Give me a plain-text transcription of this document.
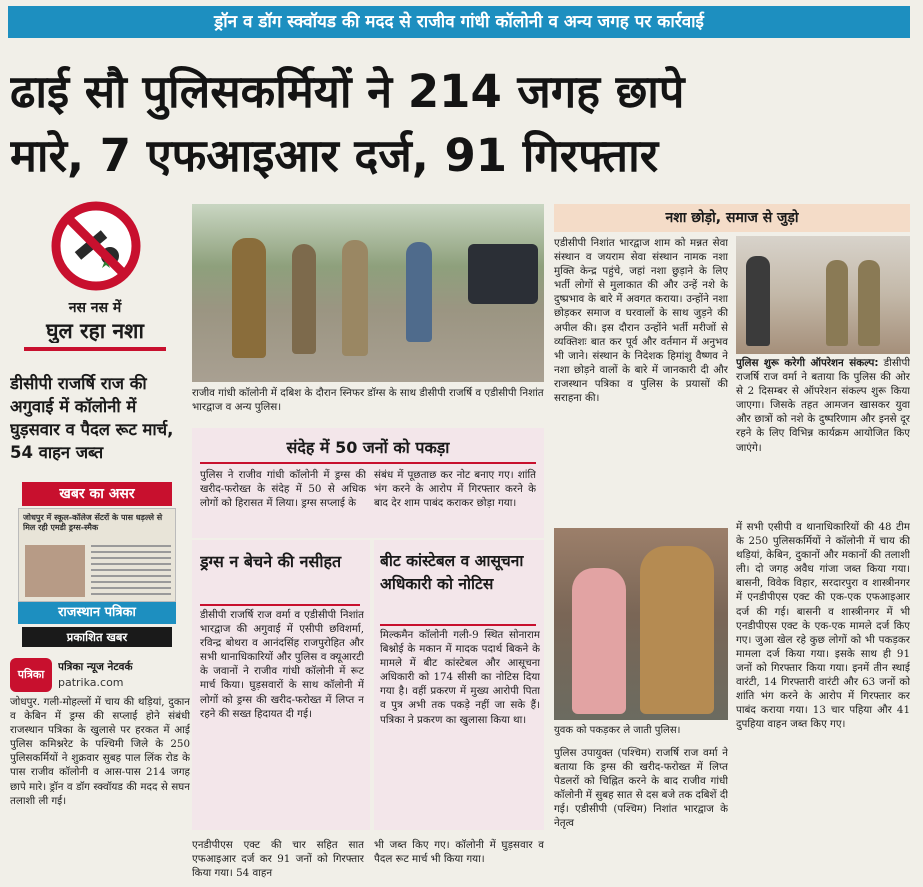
ड्रॉन व डॉग स्क्वॉयड की मदद से राजीव गांधी कॉलोनी व अन्य जगह पर कार्रवाई
ढाई सौ पुलिसकर्मियों ने 214 जगह छापे
मारे, 7 एफआइआर दर्ज, 91 गिरफ्तार
नस नस में
घुल रहा नशा
डीसीपी राजर्षि राज की अगुवाई में कॉलोनी में घुड़सवार व पैदल रूट मार्च, 54 वाहन जब्त
खबर का असर
जोधपुर में स्कूल-कॉलेज सेंटरों के पास धड़ल्ले से मिल रही एमडी ड्रग्स-स्मैक
राजस्थान पत्रिका
प्रकाशित खबर
पत्रिका
पत्रिका न्यूज नेटवर्क
patrika.com
जोधपुर. गली-मोहल्लों में चाय की थड़ियां, दुकान व केबिन में ड्रग्स की सप्लाई होने संबंधी राजस्थान पत्रिका के खुलासे पर हरकत में आई पुलिस कमिश्नरेट के पश्चिमी जिले के 250 पुलिसकर्मियों ने शुक्रवार सुबह पाल लिंक रोड के पास राजीव कॉलोनी व आस-पास 214 जगह छापे मारे। ड्रॉन व डॉग स्क्वॉयड की मदद से सघन तलाशी ली गई।
राजीव गांधी कॉलोनी में दबिश के दौरान स्निफर डॉग्स के साथ डीसीपी राजर्षि व एडीसीपी निशांत भारद्वाज व अन्य पुलिस।
संदेह में 50 जनों को पकड़ा
पुलिस ने राजीव गांधी कॉलोनी में ड्रग्स की खरीद-फरोख्त के संदेह में 50 से अधिक लोगों को हिरासत में लिया। ड्रग्स सप्लाई के
संबंध में पूछताछ कर नोट बनाए गए। शांति भंग करने के आरोप में गिरफ्तार करने के बाद देर शाम पाबंद कराकर छोड़ा गया।
ड्रग्स न बेचने की नसीहत
डीसीपी राजर्षि राज वर्मा व एडीसीपी निशांत भारद्वाज की अगुवाई में एसीपी छविशर्मा, रविन्द्र बोथरा व आनंदसिंह राजपुरोहित और सभी थानाधिकारियों और पुलिस व क्यूआरटी के जवानों ने राजीव गांधी कॉलोनी में रूट मार्च किया। घुड़सवारों के साथ कॉलोनी में लोगों को ड्रग्स की खरीद-फरोख्त में लिप्त न रहने की सख्त हिदायत दी गई।
बीट कांस्टेबल व आसूचना अधिकारी को नोटिस
मिल्कमैन कॉलोनी गली-9 स्थित सोनाराम बिश्नोई के मकान में मादक पदार्थ बिकने के मामले में बीट कांस्टेबल और आसूचना अधिकारी को 174 सीसी का नोटिस दिया गया है। वहीं प्रकरण में मुख्य आरोपी पिता व पुत्र अभी तक पकड़े नहीं जा सके हैं। पत्रिका ने प्रकरण का खुलासा किया था।
एनडीपीएस एक्ट की चार सहित सात एफआइआर दर्ज कर 91 जनों को गिरफ्तार किया गया। 54 वाहन
भी जब्त किए गए। कॉलोनी में घुड़सवार व पैदल रूट मार्च भी किया गया।
नशा छोड़ो, समाज से जुड़ो
एडीसीपी निशांत भारद्वाज शाम को मन्नत सेवा संस्थान व जयराम सेवा संस्थान नामक नशा मुक्ति केन्द्र पहुंचे, जहां नशा छुड़ाने के लिए भर्ती लोगों से मुलाकात की और उन्हें नशे के दुष्प्रभाव के बारे में अवगत कराया। उन्होंने नशा छोड़कर समाज व घरवालों के साथ जुड़ने की अपील की। इस दौरान उन्होंने भर्ती मरीजों से व्यक्तिशः बात कर पूर्व और वर्तमान में अनुभव भी जाने। संस्थान के निदेशक हिमांशु वैष्णव ने नशा छोड़ने वालों के बारे में जानकारी दी और राजस्थान पत्रिका व पुलिस के प्रयासों की सराहना की।
पुलिस शुरू करेगी ऑपरेशन संकल्प: डीसीपी राजर्षि राज वर्मा ने बताया कि पुलिस की ओर से 2 दिसम्बर से ऑपरेशन संकल्प शुरू किया जाएगा। जिसके तहत आमजन खासकर युवा और छात्रों को नशे के दुष्परिणाम और इनसे दूर रहने के लिए विभिन्न कार्यक्रम आयोजित किए जाएंगे।
युवक को पकड़कर ले जाती पुलिस।
पुलिस उपायुक्त (पश्चिम) राजर्षि राज वर्मा ने बताया कि ड्रग्स की खरीद-फरोख्त में लिप्त पेडलरों को चिह्नित करने के बाद राजीव गांधी कॉलोनी में सुबह सात से दस बजे तक दबिशें दी गई। एडीसीपी (पश्चिम) निशांत भारद्वाज के नेतृत्व
में सभी एसीपी व थानाधिकारियों की 48 टीम के 250 पुलिसकर्मियों ने कॉलोनी में चाय की थड़ियां, केबिन, दुकानों और मकानों की तलाशी ली। दो जगह अवैध गांजा जब्त किया गया। बासनी, विवेक विहार, सरदारपुरा व शास्त्रीनगर में एनडीपीएस एक्ट की एक-एक एफआइआर दर्ज की गई। बासनी व शास्त्रीनगर में भी एनडीपीएस एक्ट के एक-एक मामले दर्ज किए गए। जुआ खेल रहे कुछ लोगों को भी पकड़कर मामला दर्ज किया गया। इसके साथ ही 91 जनों को गिरफ्तार किया गया। इनमें तीन स्थाई वारंटी, 14 गिरफ्तारी वारंटी और 63 जनों को शांति भंग करने के आरोप में गिरफ्तार कर पाबंद कराया गया। 13 चार पहिया और 41 दुपहिया वाहन जब्त किए गए।
